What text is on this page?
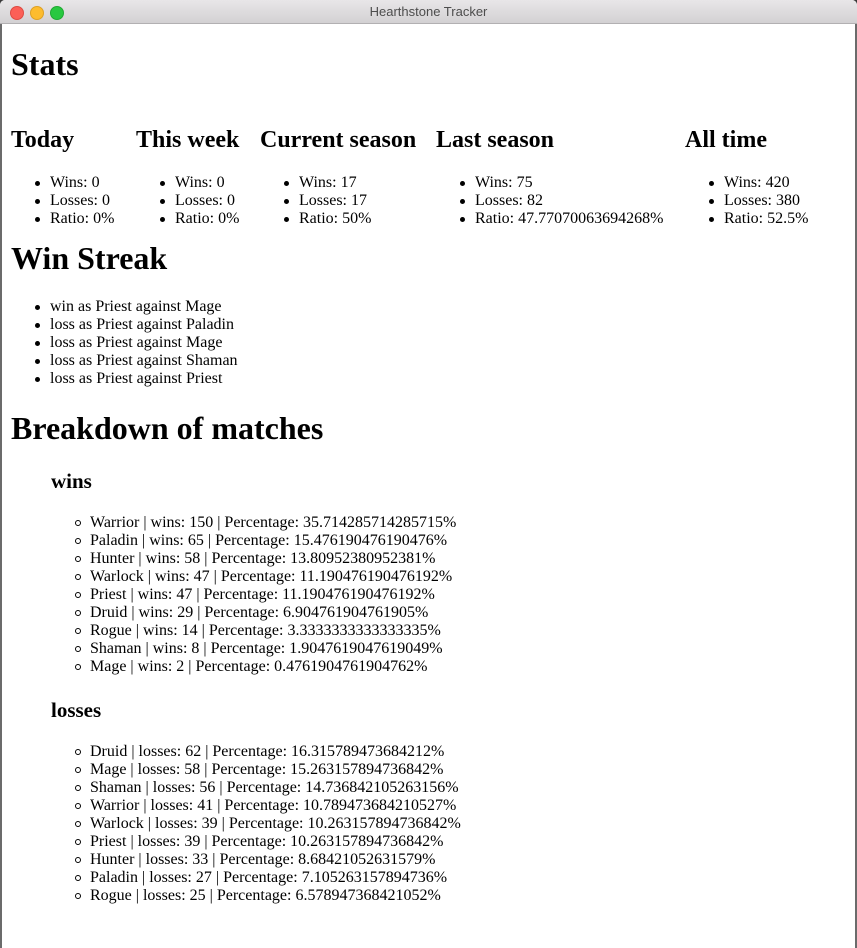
Hearthstone Tracker
Stats
Today
Wins: 0
Losses: 0
Ratio: 0%
This week
Wins: 0
Losses: 0
Ratio: 0%
Current season
Wins: 17
Losses: 17
Ratio: 50%
Last season
Wins: 75
Losses: 82
Ratio: 47.77070063694268%
All time
Wins: 420
Losses: 380
Ratio: 52.5%
Win Streak
win as Priest against Mage
loss as Priest against Paladin
loss as Priest against Mage
loss as Priest against Shaman
loss as Priest against Priest
Breakdown of matches
wins
Warrior | wins: 150 | Percentage: 35.714285714285715%
Paladin | wins: 65 | Percentage: 15.476190476190476%
Hunter | wins: 58 | Percentage: 13.80952380952381%
Warlock | wins: 47 | Percentage: 11.190476190476192%
Priest | wins: 47 | Percentage: 11.190476190476192%
Druid | wins: 29 | Percentage: 6.904761904761905%
Rogue | wins: 14 | Percentage: 3.3333333333333335%
Shaman | wins: 8 | Percentage: 1.9047619047619049%
Mage | wins: 2 | Percentage: 0.4761904761904762%
losses
Druid | losses: 62 | Percentage: 16.315789473684212%
Mage | losses: 58 | Percentage: 15.263157894736842%
Shaman | losses: 56 | Percentage: 14.736842105263156%
Warrior | losses: 41 | Percentage: 10.789473684210527%
Warlock | losses: 39 | Percentage: 10.263157894736842%
Priest | losses: 39 | Percentage: 10.263157894736842%
Hunter | losses: 33 | Percentage: 8.68421052631579%
Paladin | losses: 27 | Percentage: 7.105263157894736%
Rogue | losses: 25 | Percentage: 6.578947368421052%
